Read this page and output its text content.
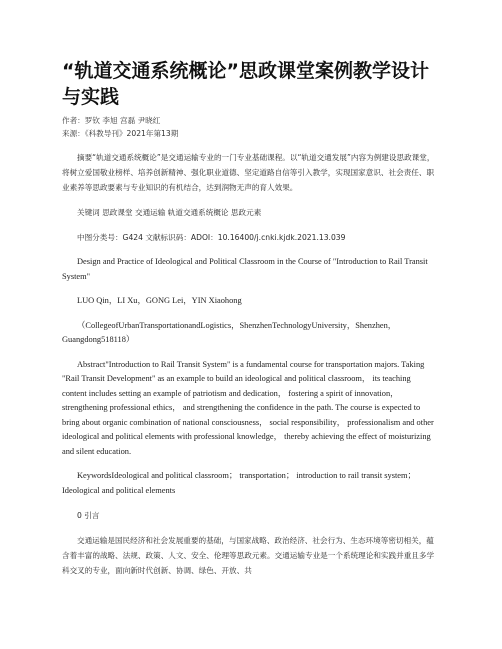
“轨道交通系统概论”思政课堂案例教学设计与实践
作者：罗钦 李旭 宫磊 尹晓红
来源：《科教导刊》2021年第13期

摘要“轨道交通系统概论”是交通运输专业的一门专业基础课程。以“轨道交通发展”内容为例建设思政课堂，将树立爱国敬业榜样、培养创新精神、强化职业道德、坚定道路自信等引入教学，实现国家意识、社会责任、职业素养等思政要素与专业知识的有机结合，达到润物无声的育人效果。

关键词 思政课堂 交通运输 轨道交通系统概论 思政元素

中图分类号：G424 文献标识码：ADOI：10.16400/j.cnki.kjdk.2021.13.039

Design and Practice of Ideological and Political Classroom in the Course of "Introduction to Rail Transit System"

LUO Qin，LI Xu，GONG Lei，YIN Xiaohong

（CollegeofUrbanTransportationandLogistics，ShenzhenTechnologyUniversity，Shenzhen，Guangdong518118）

Abstract"Introduction to Rail Transit System" is a fundamental course for transportation majors. Taking "Rail Transit Development" as an example to build an ideological and political classroom， its teaching content includes setting an example of patriotism and dedication， fostering a spirit of innovation， strengthening professional ethics， and strengthening the confidence in the path. The course is expected to bring about organic combination of national consciousness， social responsibility， professionalism and other ideological and political elements with professional knowledge， thereby achieving the effect of moisturizing and silent education.

KeywordsIdeological and political classroom； transportation； introduction to rail transit system； Ideological and political elements

0 引言

交通运输是国民经济和社会发展重要的基础，与国家战略、政治经济、社会行为、生态环境等密切相关，蕴含着丰富的战略、法规、政策、人文、安全、伦理等思政元素。交通运输专业是一个系统理论和实践并重且多学科交叉的专业，面向新时代创新、协调、绿色、开放、共
